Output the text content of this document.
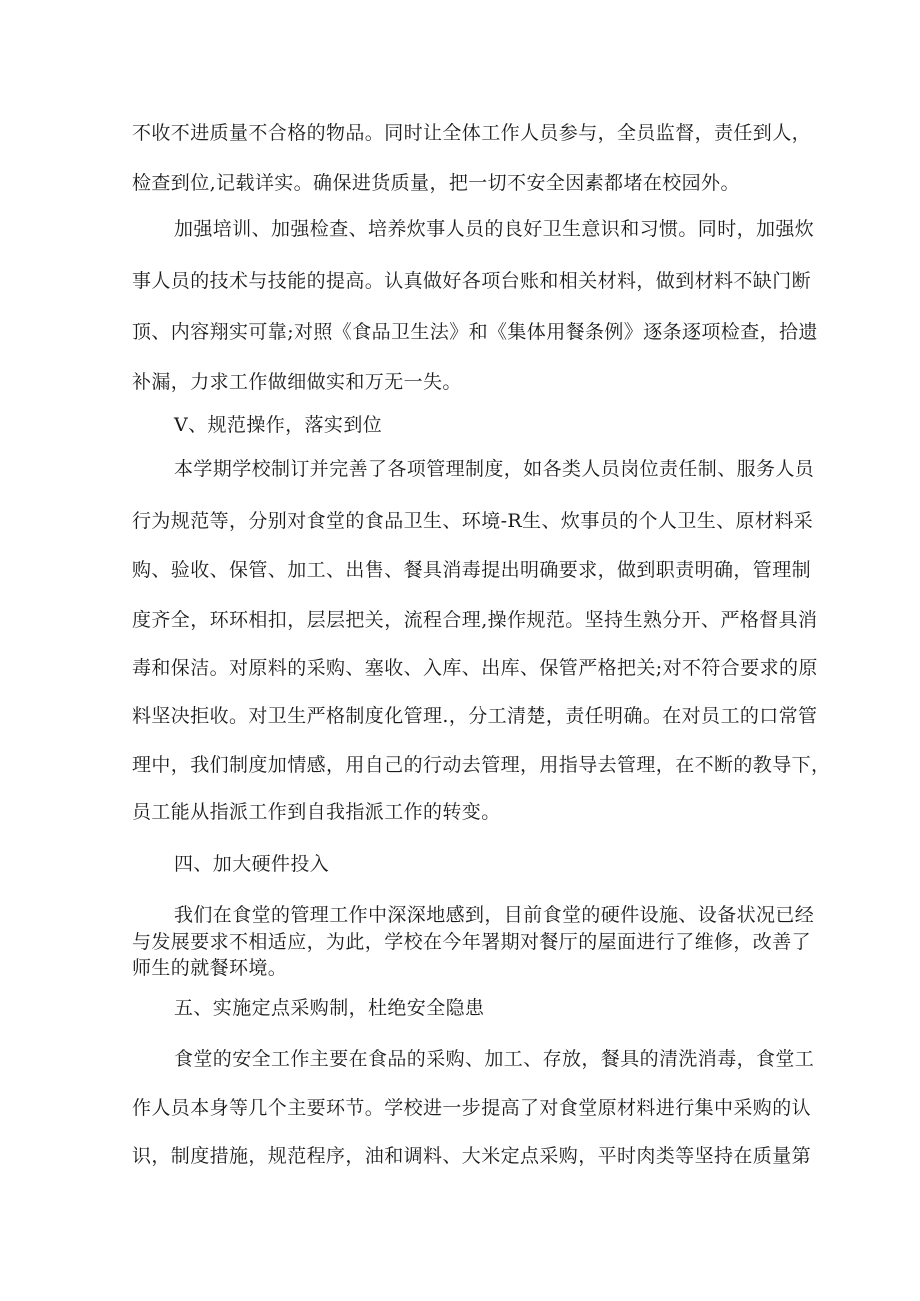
不收不进质量不合格的物品。同时让全体工作人员参与，全员监督，责任到人，
检查到位,记载详实。确保进货质量，把一切不安全因素都堵在校园外。
加强培训、加强检查、培养炊事人员的良好卫生意识和习惯。同时，加强炊
事人员的技术与技能的提高。认真做好各项台账和相关材料，做到材料不缺门断
顶、内容翔实可靠;对照《食品卫生法》和《集体用餐条例》逐条逐项检查，拾遗
补漏，力求工作做细做实和万无一失。
V、规范操作，落实到位
本学期学校制订并完善了各项管理制度，如各类人员岗位责任制、服务人员
行为规范等，分别对食堂的食品卫生、环境-R生、炊事员的个人卫生、原材料采
购、验收、保管、加工、出售、餐具消毒提出明确要求，做到职责明确，管理制
度齐全，环环相扣，层层把关，流程合理,操作规范。坚持生熟分开、严格督具消
毒和保洁。对原料的采购、塞收、入库、出库、保管严格把关;对不符合要求的原
料坚决拒收。对卫生严格制度化管理.，分工清楚，责任明确。在对员工的口常管
理中，我们制度加情感，用自己的行动去管理，用指导去管理，在不断的教导下，
员工能从指派工作到自我指派工作的转变。
四、加大硬件投入
我们在食堂的管理工作中深深地感到，目前食堂的硬件设施、设备状况已经
与发展要求不相适应，为此，学校在今年署期对餐厅的屋面进行了维修，改善了
师生的就餐环境。
五、实施定点采购制，杜绝安全隐患
食堂的安全工作主要在食品的采购、加工、存放，餐具的清洗消毒，食堂工
作人员本身等几个主要环节。学校进一步提高了对食堂原材料进行集中采购的认
识，制度措施，规范程序，油和调料、大米定点采购，平时肉类等坚持在质量第
